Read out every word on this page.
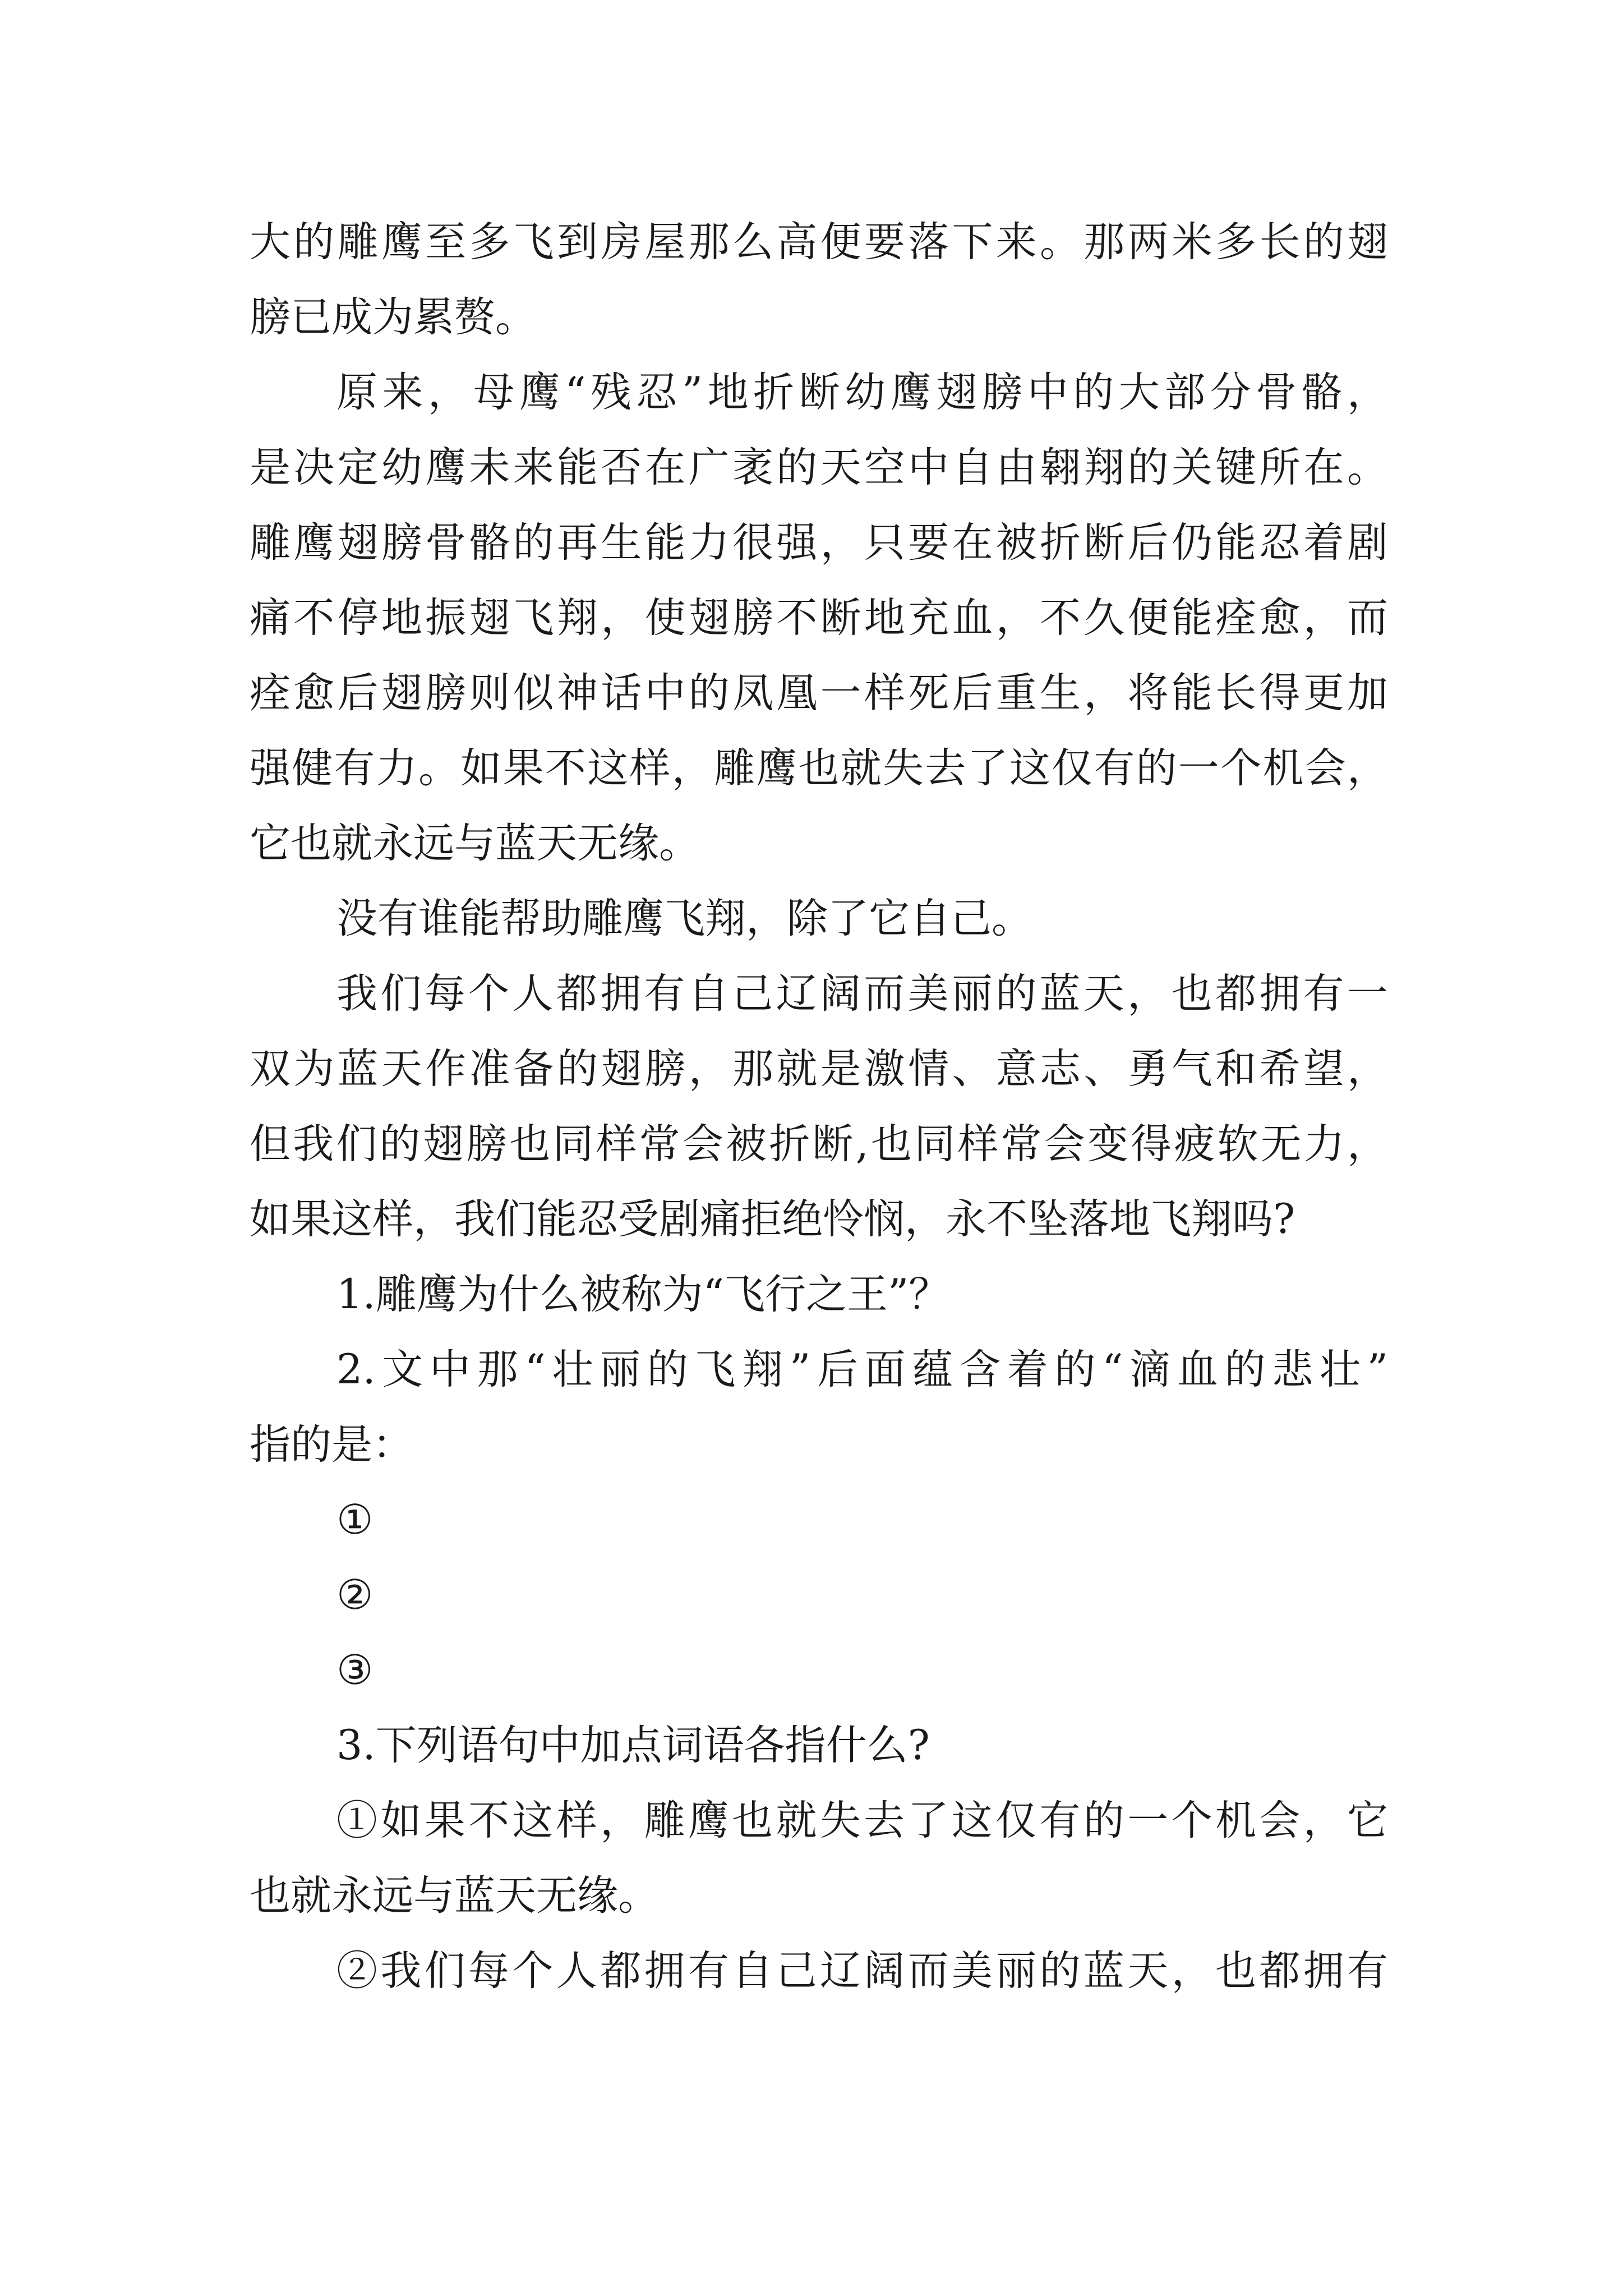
大的雕鹰至多飞到房屋那么高便要落下来。那两米多长的翅
膀已成为累赘。
原来，母鹰“残忍”地折断幼鹰翅膀中的大部分骨骼，
是决定幼鹰未来能否在广袤的天空中自由翱翔的关键所在。
雕鹰翅膀骨骼的再生能力很强，只要在被折断后仍能忍着剧
痛不停地振翅飞翔，使翅膀不断地充血，不久便能痊愈，而
痊愈后翅膀则似神话中的凤凰一样死后重生，将能长得更加
强健有力。如果不这样，雕鹰也就失去了这仅有的一个机会，
它也就永远与蓝天无缘。
没有谁能帮助雕鹰飞翔，除了它自己。
我们每个人都拥有自己辽阔而美丽的蓝天，也都拥有一
双为蓝天作准备的翅膀，那就是激情、意志、勇气和希望，
但我们的翅膀也同样常会被折断,也同样常会变得疲软无力，
如果这样，我们能忍受剧痛拒绝怜悯，永不坠落地飞翔吗?
1.雕鹰为什么被称为“飞行之王”？
2.文中那“壮丽的飞翔”后面蕴含着的“滴血的悲壮”
指的是：
①
②
③
3.下列语句中加点词语各指什么?
①如果不这样，雕鹰也就失去了这仅有的一个机会，它
也就永远与蓝天无缘。
②我们每个人都拥有自己辽阔而美丽的蓝天，也都拥有
